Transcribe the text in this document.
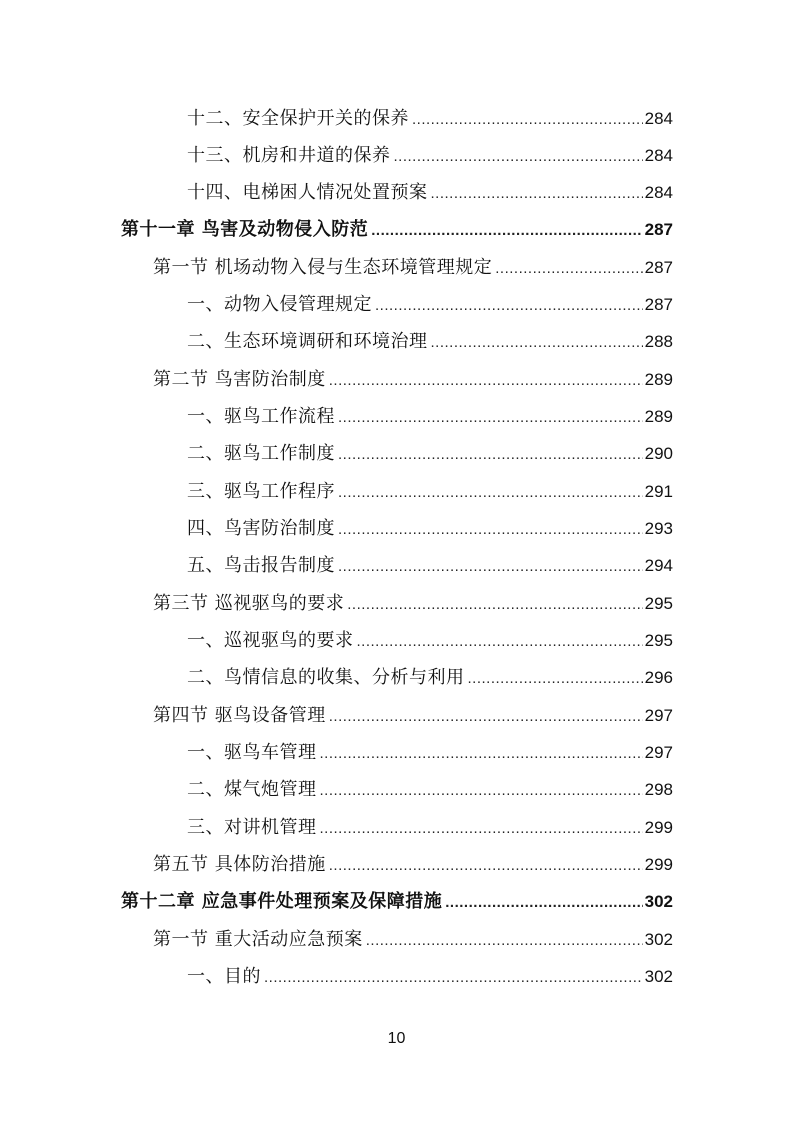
十二、安全保护开关的保养 .....	284
十三、机房和井道的保养 .....	284
十四、电梯困人情况处置预案 .....	284
第十一章 鸟害及动物侵入防范 .....	287
第一节 机场动物入侵与生态环境管理规定 .....	287
一、动物入侵管理规定 .....	287
二、生态环境调研和环境治理 .....	288
第二节 鸟害防治制度 .....	289
一、驱鸟工作流程 .....	289
二、驱鸟工作制度 .....	290
三、驱鸟工作程序 .....	291
四、鸟害防治制度 .....	293
五、鸟击报告制度 .....	294
第三节 巡视驱鸟的要求 .....	295
一、巡视驱鸟的要求 .....	295
二、鸟情信息的收集、分析与利用 .....	296
第四节 驱鸟设备管理 .....	297
一、驱鸟车管理 .....	297
二、煤气炮管理 .....	298
三、对讲机管理 .....	299
第五节 具体防治措施 .....	299
第十二章 应急事件处理预案及保障措施 .....	302
第一节 重大活动应急预案 .....	302
一、目的 .....	302
10
